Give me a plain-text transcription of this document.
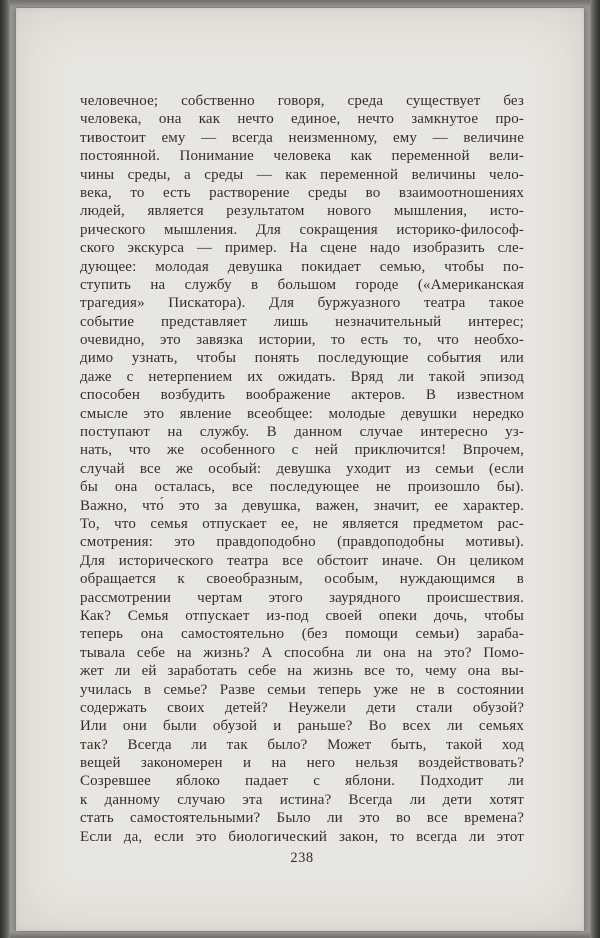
человечное; собственно говоря, среда существует без
человека, она как нечто единое, нечто замкнутое про-
тивостоит ему — всегда неизменному, ему — величине
постоянной. Понимание человека как переменной вели-
чины среды, а среды — как переменной величины чело-
века, то есть растворение среды во взаимоотношениях
людей, является результатом нового мышления, исто-
рического мышления. Для сокращения историко-философ-
ского экскурса — пример. На сцене надо изобразить сле-
дующее: молодая девушка покидает семью, чтобы по-
ступить на службу в большом городе («Американская
трагедия» Пискатора). Для буржуазного театра такое
событие представляет лишь незначительный интерес;
очевидно, это завязка истории, то есть то, что необхо-
димо узнать, чтобы понять последующие события или
даже с нетерпением их ожидать. Вряд ли такой эпизод
способен возбудить воображение актеров. В известном
смысле это явление всеобщее: молодые девушки нередко
поступают на службу. В данном случае интересно уз-
нать, что же особенного с ней приключится! Впрочем,
случай все же особый: девушка уходит из семьи (если
бы она осталась, все последующее не произошло бы).
Важно, что́ это за девушка, важен, значит, ее характер.
То, что семья отпускает ее, не является предметом рас-
смотрения: это правдоподобно (правдоподобны мотивы).
Для исторического театра все обстоит иначе. Он целиком
обращается к своеобразным, особым, нуждающимся в
рассмотрении чертам этого заурядного происшествия.
Как? Семья отпускает из-под своей опеки дочь, чтобы
теперь она самостоятельно (без помощи семьи) зараба-
тывала себе на жизнь? А способна ли она на это? Помо-
жет ли ей заработать себе на жизнь все то, чему она вы-
училась в семье? Разве семьи теперь уже не в состоянии
содержать своих детей? Неужели дети стали обузой?
Или они были обузой и раньше? Во всех ли семьях
так? Всегда ли так было? Может быть, такой ход
вещей закономерен и на него нельзя воздействовать?
Созревшее яблоко падает с яблони. Подходит ли
к данному случаю эта истина? Всегда ли дети хотят
стать самостоятельными? Было ли это во все времена?
Если да, если это биологический закон, то всегда ли этот
238
